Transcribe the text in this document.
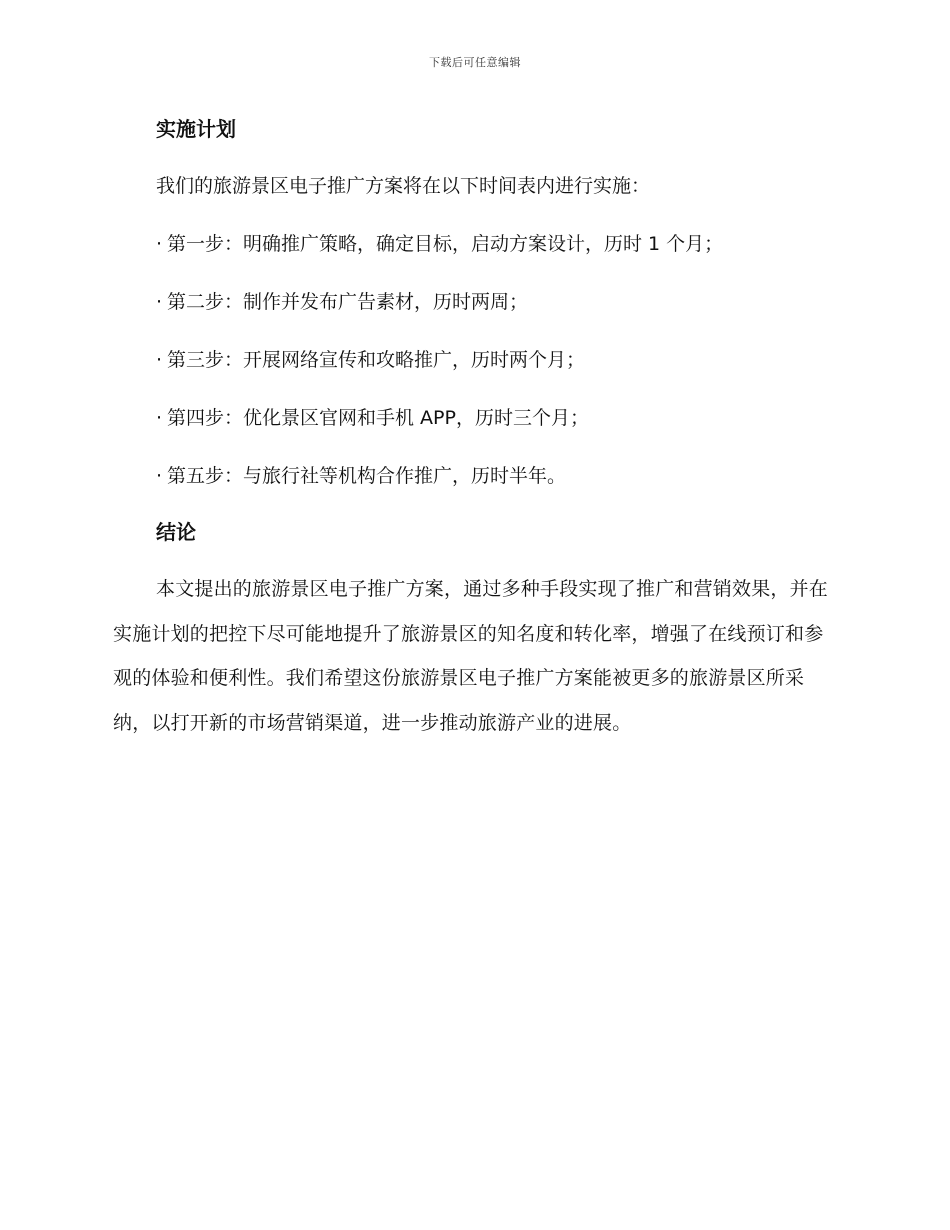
下载后可任意编辑
实施计划
我们的旅游景区电子推广方案将在以下时间表内进行实施：
· 第一步：明确推广策略，确定目标，启动方案设计，历时 1 个月；
· 第二步：制作并发布广告素材，历时两周；
· 第三步：开展网络宣传和攻略推广，历时两个月；
· 第四步：优化景区官网和手机 APP，历时三个月；
· 第五步：与旅行社等机构合作推广，历时半年。
结论

本文提出的旅游景区电子推广方案，通过多种手段实现了推广和营销效果，并在实施计划的把控下尽可能地提升了旅游景区的知名度和转化率，增强了在线预订和参观的体验和便利性。我们希望这份旅游景区电子推广方案能被更多的旅游景区所采纳，以打开新的市场营销渠道，进一步推动旅游产业的进展。
